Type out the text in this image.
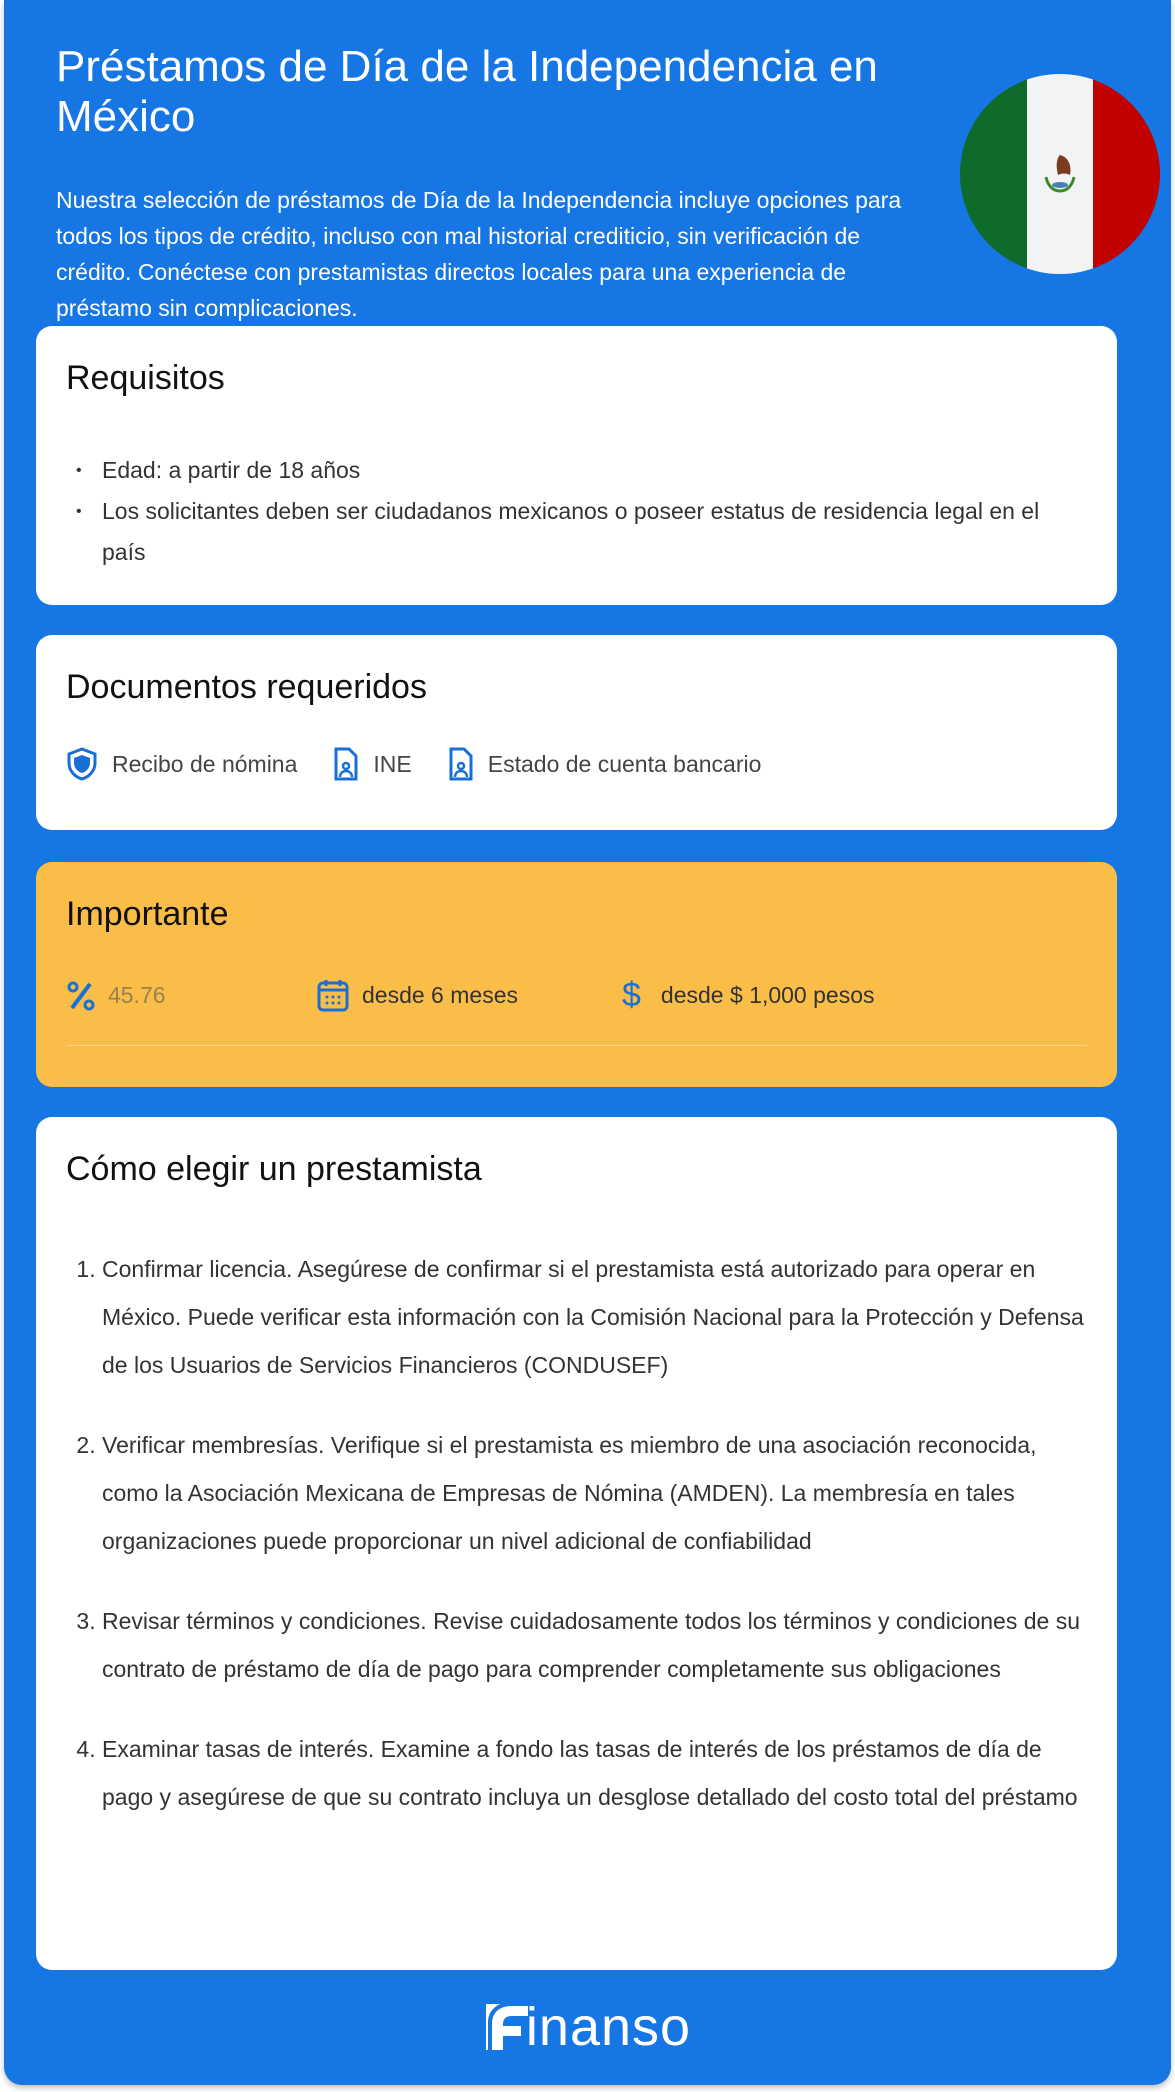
Préstamos de Día de la Independencia en México

Nuestra selección de préstamos de Día de la Independencia incluye opciones para todos los tipos de crédito, incluso con mal historial crediticio, sin verificación de crédito. Conéctese con prestamistas directos locales para una experiencia de préstamo sin complicaciones.

Requisitos
• Edad: a partir de 18 años
• Los solicitantes deben ser ciudadanos mexicanos o poseer estatus de residencia legal en el país
Documentos requeridos
Recibo de nómina	INE	Estado de cuenta bancario
Importante
45.76	desde 6 meses	$ desde $ 1,000 pesos
Cómo elegir un prestamista
1. Confirmar licencia. Asegúrese de confirmar si el prestamista está autorizado para operar en México. Puede verificar esta información con la Comisión Nacional para la Protección y Defensa de los Usuarios de Servicios Financieros (CONDUSEF)
2. Verificar membresías. Verifique si el prestamista es miembro de una asociación reconocida, como la Asociación Mexicana de Empresas de Nómina (AMDEN). La membresía en tales organizaciones puede proporcionar un nivel adicional de confiabilidad
3. Revisar términos y condiciones. Revise cuidadosamente todos los términos y condiciones de su contrato de préstamo de día de pago para comprender completamente sus obligaciones
4. Examinar tasas de interés. Examine a fondo las tasas de interés de los préstamos de día de pago y asegúrese de que su contrato incluya un desglose detallado del costo total del préstamo
inanso
